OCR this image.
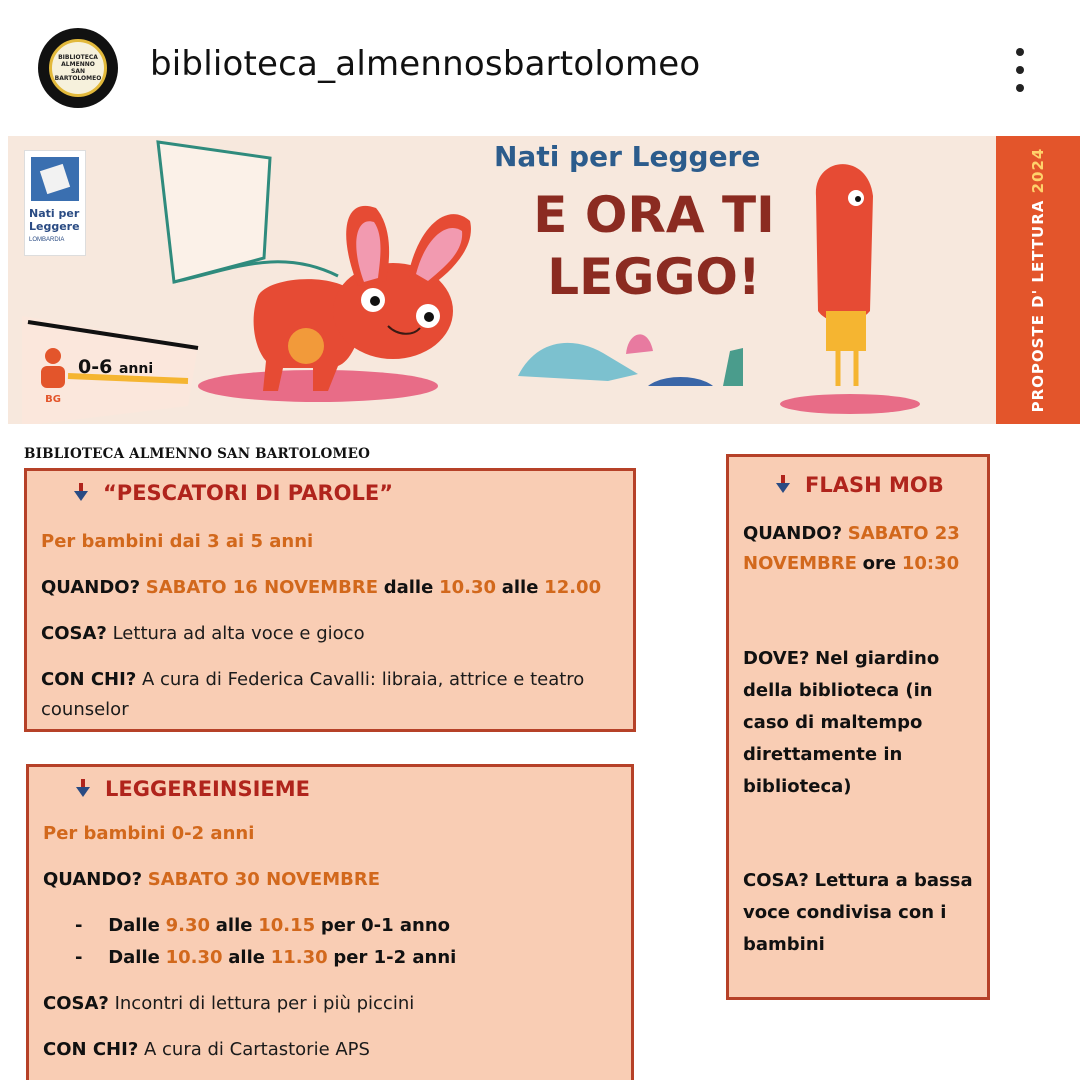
BIBLIOTECA ALMENNO SAN BARTOLOMEO biblioteca_almennosbartolomeo
Nati per
Leggere
LOMBARDIA
BG
0-6 anni
Nati per Leggere
E ORA TI LEGGO!	PROPOSTE D' LETTURA 2024
BIBLIOTECA ALMENNO SAN BARTOLOMEO
“PESCATORI DI PAROLE”

Per bambini dai 3 ai 5 anni

QUANDO? SABATO 16 NOVEMBRE dalle 10.30 alle 12.00

COSA? Lettura ad alta voce e gioco

CON CHI? A cura di Federica Cavalli: libraia, attrice e teatro counselor

LEGGEREINSIEME

Per bambini 0-2 anni

QUANDO? SABATO 30 NOVEMBRE

- Dalle 9.30 alle 10.15 per 0-1 anno

- Dalle 10.30 alle 11.30 per 1-2 anni

COSA? Incontri di lettura per i più piccini

CON CHI? A cura di Cartastorie APS

FLASH MOB

QUANDO? SABATO 23 NOVEMBRE ore 10:30

DOVE? Nel giardino della biblioteca (in caso di maltempo direttamente in biblioteca)

COSA? Lettura a bassa voce condivisa con i bambini
